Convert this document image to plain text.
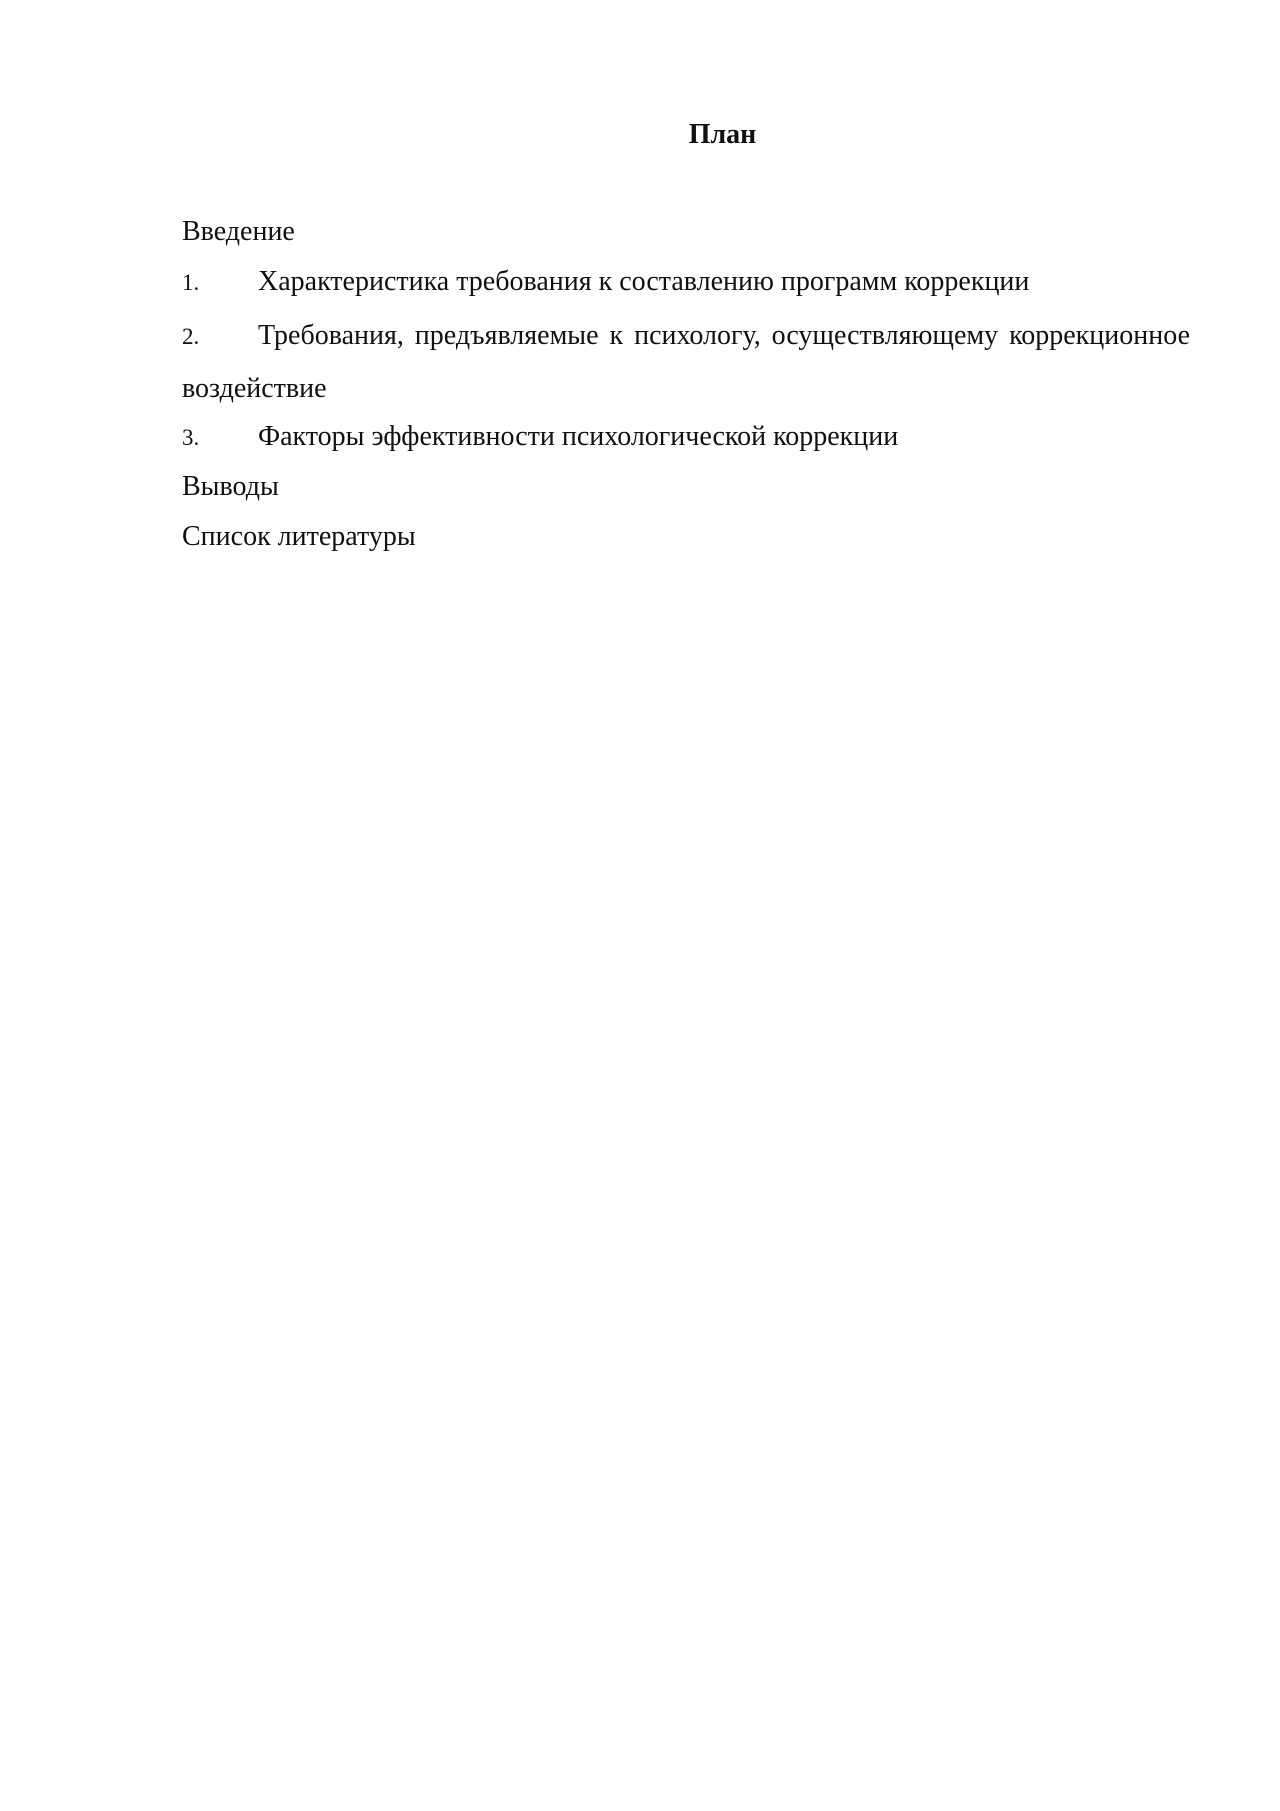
План
Введение
1. Характеристика требования к составлению программ коррекции
2. Требования, предъявляемые к психологу, осуществляющему коррекционное воздействие
3. Факторы эффективности психологической коррекции
Выводы
Список литературы
